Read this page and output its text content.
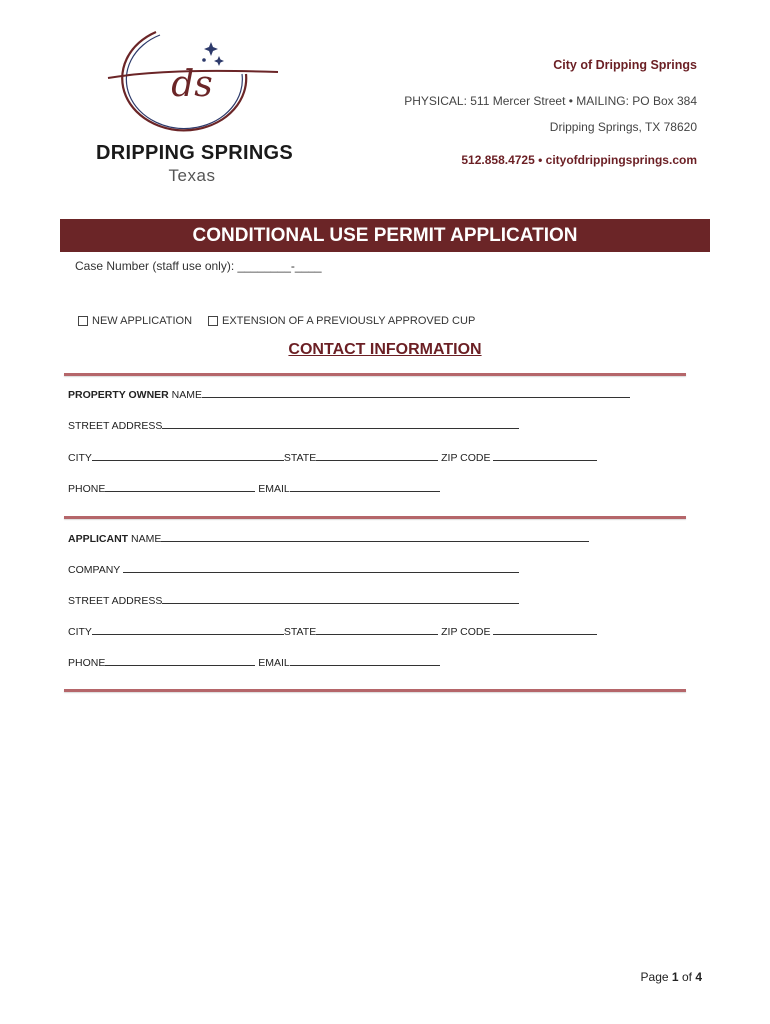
ds
DRIPPING SPRINGS
Texas
City of Dripping Springs
PHYSICAL: 511 Mercer Street • MAILING: PO Box 384
Dripping Springs, TX 78620
512.858.4725 • cityofdrippingsprings.com
CONDITIONAL USE PERMIT APPLICATION
Case Number (staff use only): ________-____
NEW APPLICATION	EXTENSION OF A PREVIOUSLY APPROVED CUP
CONTACT INFORMATION
PROPERTY OWNER NAME
STREET ADDRESS
CITY	STATE	ZIP CODE
PHONE	EMAIL
APPLICANT NAME
COMPANY
STREET ADDRESS
CITY	STATE	ZIP CODE
PHONE	EMAIL
Page 1 of 4
